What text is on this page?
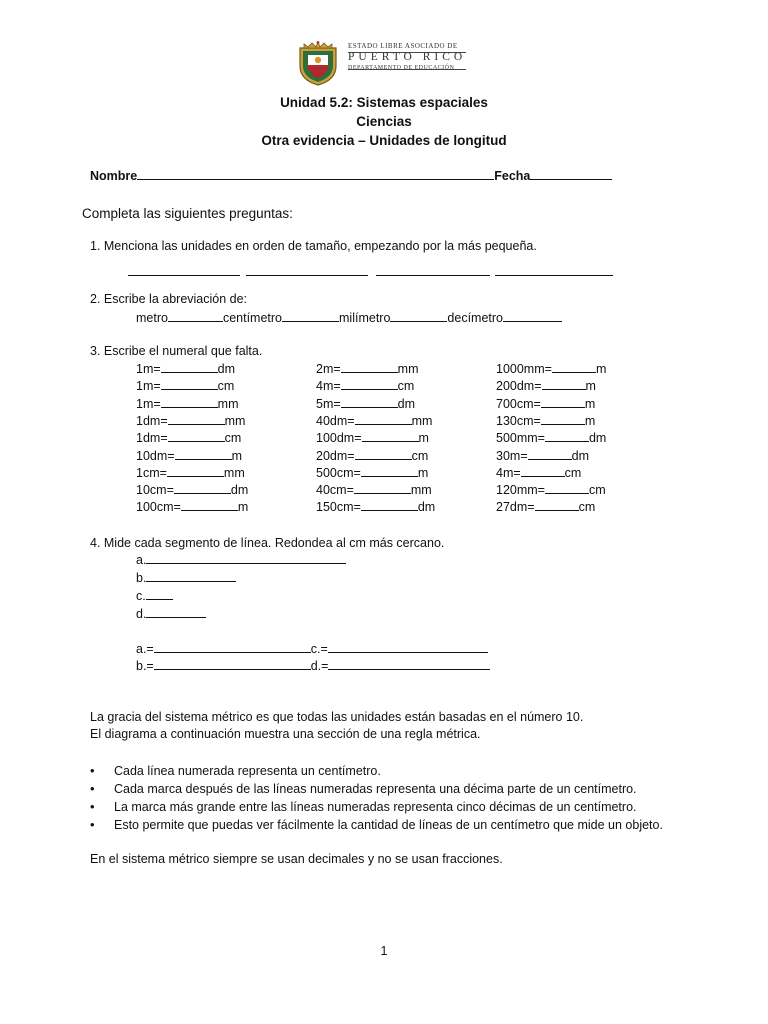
ESTADO LIBRE ASOCIADO DE
PUERTO RICO
DEPARTAMENTO DE EDUCACIÓN
Unidad 5.2: Sistemas espaciales
Ciencias
Otra evidencia – Unidades de longitud
Nombre	Fecha
Completa las siguientes preguntas:
1. Menciona las unidades en orden de tamaño, empezando por la más pequeña.
2. Escribe la abreviación de:
metro	centímetro	milímetro	decímetro
3. Escribe el numeral que falta.
1m=	dm	2m=	mm	1000mm=	m
1m=	cm	4m=	cm	200dm=	m
1m=	mm	5m=	dm	700cm=	m
1dm=	mm	40dm=	mm	130cm=	m
1dm=	cm	100dm=	m	500mm=	dm
10dm=	m	20dm=	cm	30m=	dm
1cm=	mm	500cm=	m	4m=	cm
10cm=	dm	40cm=	mm	120mm=	cm
100cm=	m	150cm=	dm	27dm=	cm
4. Mide cada segmento de línea. Redondea al cm más cercano.
a.
b.
c.
d.
a.=	c.=
b.=	d.=
La gracia del sistema métrico es que todas las unidades están basadas en el número 10.
El diagrama a continuación muestra una sección de una regla métrica.
• Cada línea numerada representa un centímetro.
• Cada marca después de las líneas numeradas representa una décima parte de un centímetro.
• La marca más grande entre las líneas numeradas representa cinco décimas de un centímetro.
• Esto permite que puedas ver fácilmente la cantidad de líneas de un centímetro que mide un objeto.
En el sistema métrico siempre se usan decimales y no se usan fracciones.
1
